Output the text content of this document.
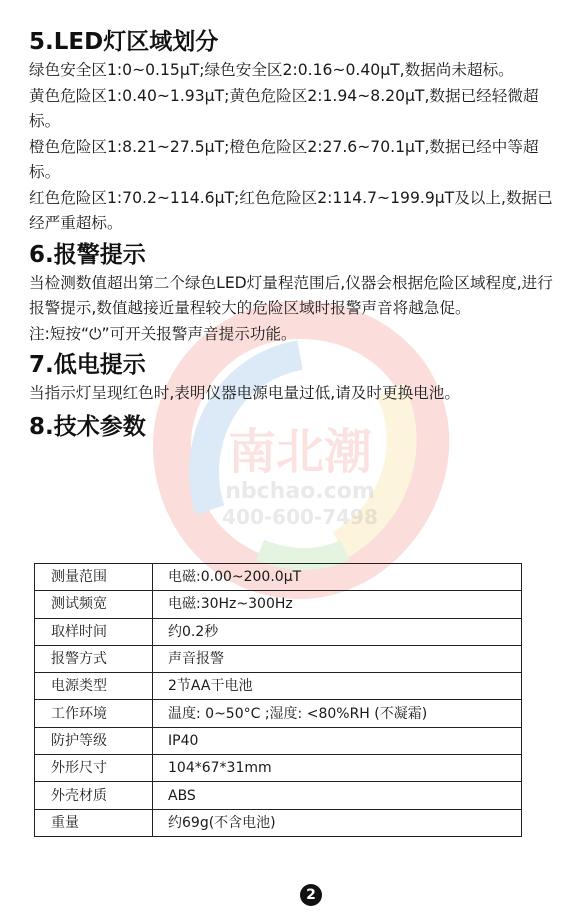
南北潮
nbchao.com
400-600-7498
5.LED灯区域划分

绿色安全区1:0~0.15μT;绿色安全区2:0.16~0.40μT,数据尚未超标。

黄色危险区1:0.40~1.93μT;黄色危险区2:1.94~8.20μT,数据已经轻微超标。

橙色危险区1:8.21~27.5μT;橙色危险区2:27.6~70.1μT,数据已经中等超标。

红色危险区1:70.2~114.6μT;红色危险区2:114.7~199.9μT及以上,数据已经严重超标。

6.报警提示

当检测数值超出第二个绿色LED灯量程范围后,仪器会根据危险区域程度,进行报警提示,数值越接近量程较大的危险区域时报警声音将越急促。

注:短按“⏻”可开关报警声音提示功能。

7.低电提示

当指示灯呈现红色时,表明仪器电源电量过低,请及时更换电池。

8.技术参数
测量范围	电磁:0.00~200.0μT
测试频宽	电磁:30Hz~300Hz
取样时间	约0.2秒
报警方式	声音报警
电源类型	2节AA干电池
工作环境	温度: 0~50°C ;湿度: <80%RH (不凝霜)
防护等级	IP40
外形尺寸	104*67*31mm
外壳材质	ABS
重量	约69g(不含电池)
2
